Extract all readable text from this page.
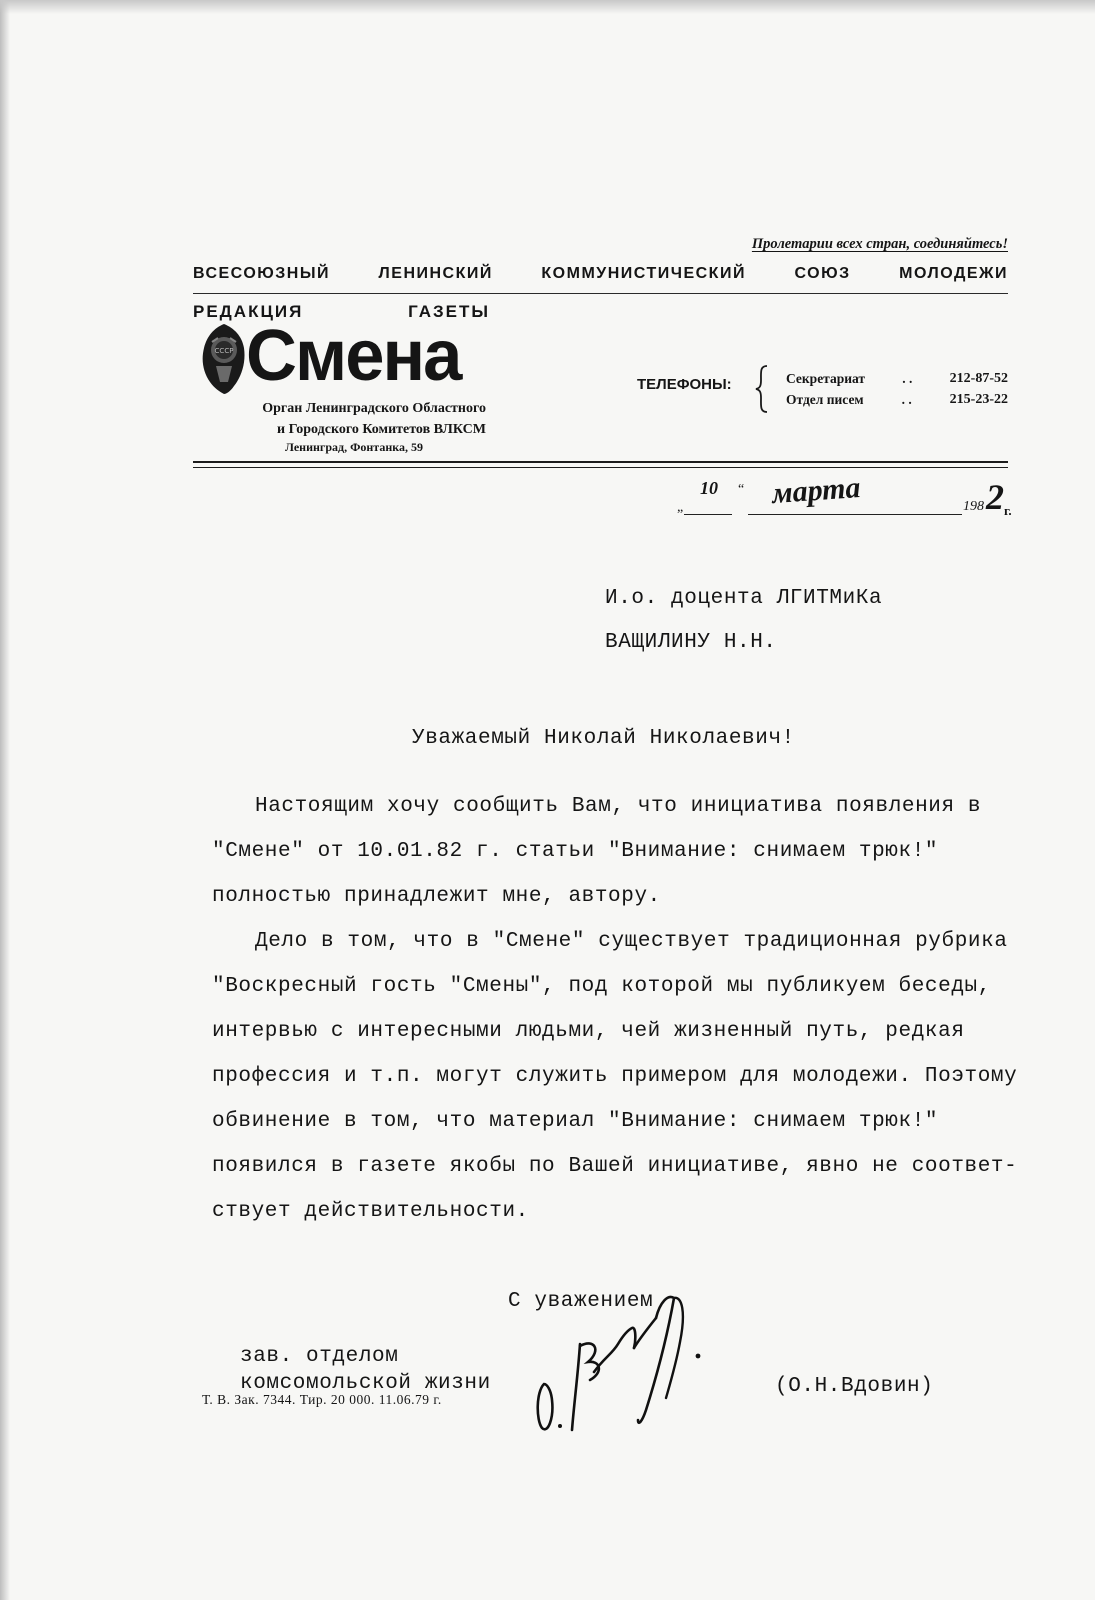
Пролетарии всех стран, соединяйтесь!
ВСЕСОЮЗНЫЙ ЛЕНИНСКИЙ КОММУНИСТИЧЕСКИЙ СОЮЗ МОЛОДЕЖИ
РЕДАКЦИЯ ГАЗЕТЫ
СССР Смена
Орган Ленинградского Областного
и Городского Комитетов ВЛКСМ
Ленинград, Фонтанка, 59
ТЕЛЕФОНЫ:	Секретариат	. .	212-87-52
Отдел писем	. .	215-23-22
„
10 “ марта	198 2 г.
И.о. доцента ЛГИТМиКа
ВАЩИЛИНУ Н.Н.
Уважаемый Николай Николаевич!
Настоящим хочу сообщить Вам, что инициатива появления в
"Смене" от 10.01.82 г. статьи "Внимание: снимаем трюк!"
полностью принадлежит мне, автору.
Дело в том, что в "Смене" существует традиционная рубрика
"Воскресный гость "Смены", под которой мы публикуем беседы,
интервью с интересными людьми, чей жизненный путь, редкая
профессия и т.п. могут служить примером для молодежи. Поэтому
обвинение в том, что материал "Внимание: снимаем трюк!"
появился в газете якобы по Вашей инициативе, явно не соответ-
ствует действительности.
С уважением
зав. отделом
комсомольской жизни
Т. В. Зак. 7344. Тир. 20 000. 11.06.79 г.
(О.Н.Вдовин)
